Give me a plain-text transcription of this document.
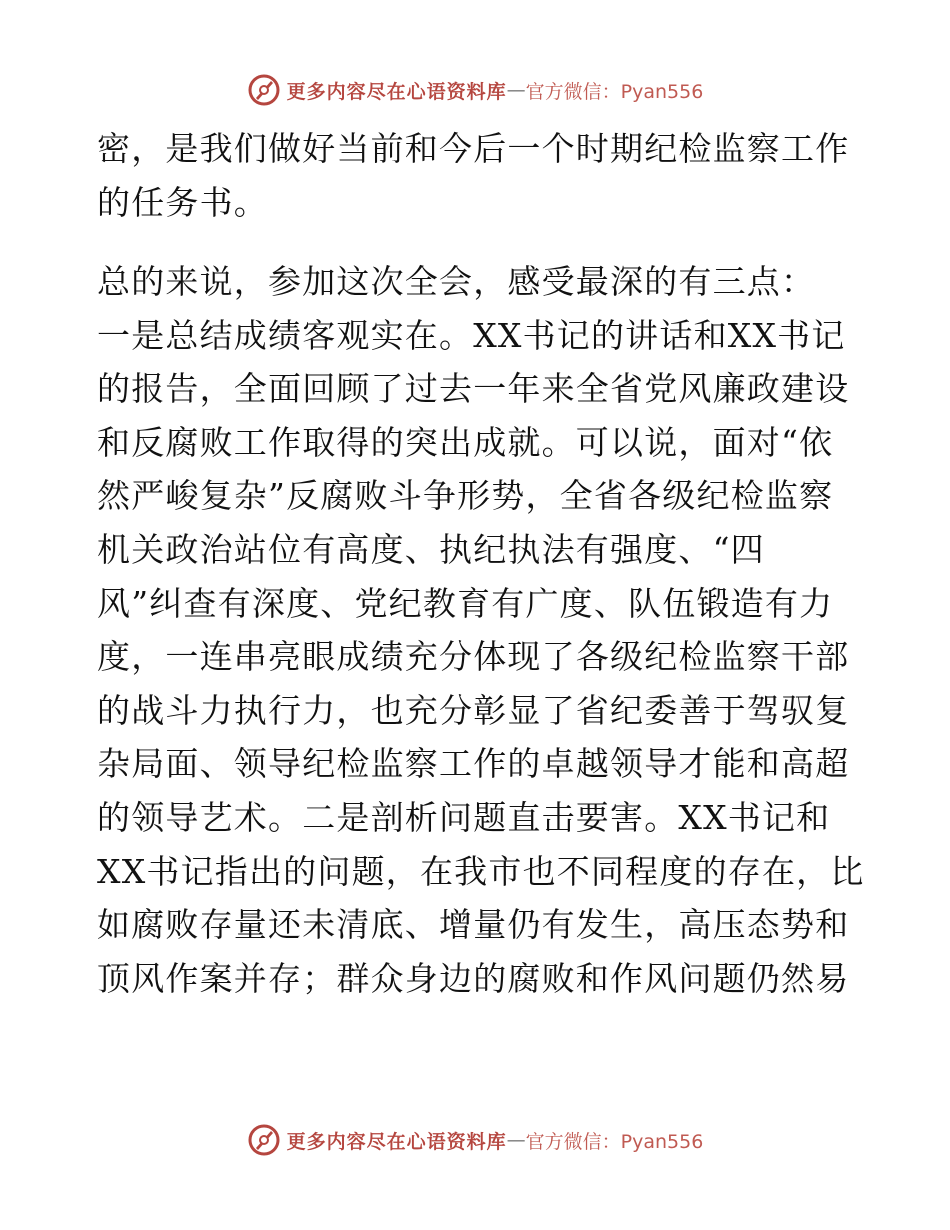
更多内容尽在心语资料库 — 官方微信：Pyan556
密，是我们做好当前和今后一个时期纪检监察工作
的任务书。
总的来说，参加这次全会，感受最深的有三点：
一是总结成绩客观实在。XX书记的讲话和XX书记
的报告，全面回顾了过去一年来全省党风廉政建设
和反腐败工作取得的突出成就。可以说，面对“依
然严峻复杂”反腐败斗争形势，全省各级纪检监察
机关政治站位有高度、执纪执法有强度、“四
风”纠查有深度、党纪教育有广度、队伍锻造有力
度，一连串亮眼成绩充分体现了各级纪检监察干部
的战斗力执行力，也充分彰显了省纪委善于驾驭复
杂局面、领导纪检监察工作的卓越领导才能和高超
的领导艺术。二是剖析问题直击要害。XX书记和
XX书记指出的问题，在我市也不同程度的存在，比
如腐败存量还未清底、增量仍有发生，高压态势和
顶风作案并存；群众身边的腐败和作风问题仍然易
更多内容尽在心语资料库 — 官方微信：Pyan556
